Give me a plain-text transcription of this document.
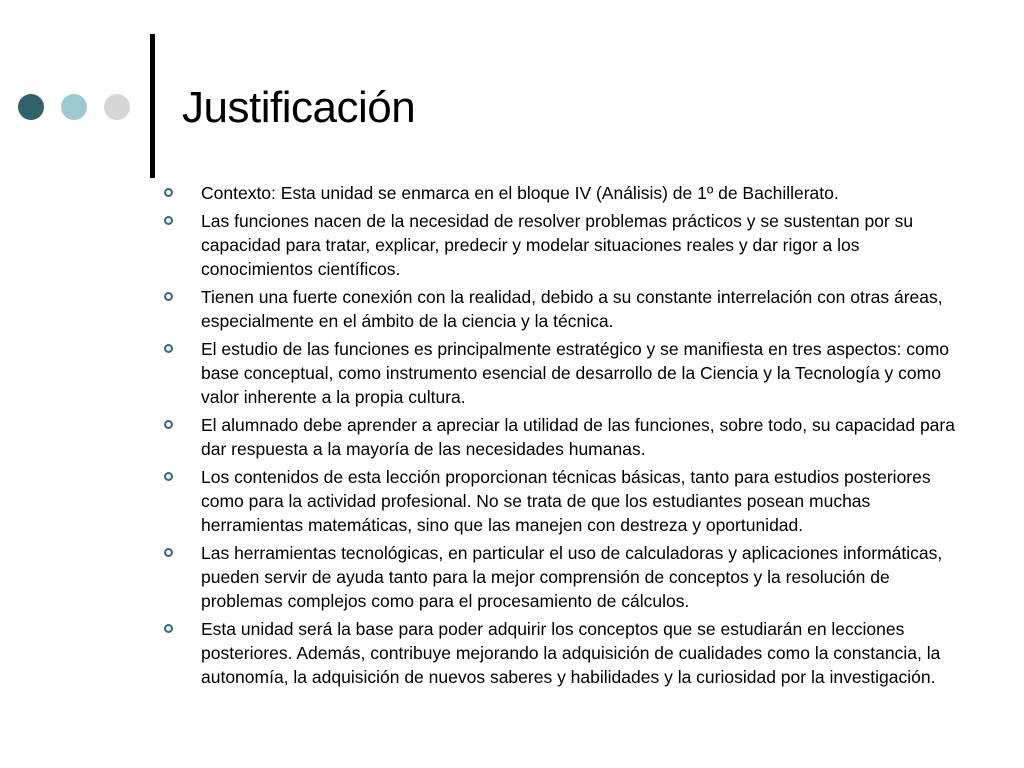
Justificación
Contexto: Esta unidad se enmarca en el bloque IV (Análisis) de 1º de Bachillerato.
Las funciones nacen de la necesidad de resolver problemas prácticos y se sustentan por su capacidad para tratar, explicar, predecir y modelar situaciones reales y dar rigor a los conocimientos científicos.
Tienen una fuerte conexión con la realidad, debido a su constante interrelación con otras áreas, especialmente en el ámbito de la ciencia y la técnica.
El estudio de las funciones es principalmente estratégico y se manifiesta en tres aspectos: como base conceptual, como instrumento esencial de desarrollo de la Ciencia y la Tecnología y como valor inherente a la propia cultura.
El alumnado debe aprender a apreciar la utilidad de las funciones, sobre todo, su capacidad para dar respuesta a la mayoría de las necesidades humanas.
Los contenidos de esta lección proporcionan técnicas básicas, tanto para estudios posteriores como para la actividad profesional. No se trata de que los estudiantes posean muchas herramientas matemáticas, sino que las manejen con destreza y oportunidad.
Las herramientas tecnológicas, en particular el uso de calculadoras y aplicaciones informáticas, pueden servir de ayuda tanto para la mejor comprensión de conceptos y la resolución de problemas complejos como para el procesamiento de cálculos.
Esta unidad será la base para poder adquirir los conceptos que se estudiarán en lecciones posteriores. Además, contribuye mejorando la adquisición de cualidades como la constancia, la autonomía, la adquisición de nuevos saberes y habilidades y la curiosidad por la investigación.
